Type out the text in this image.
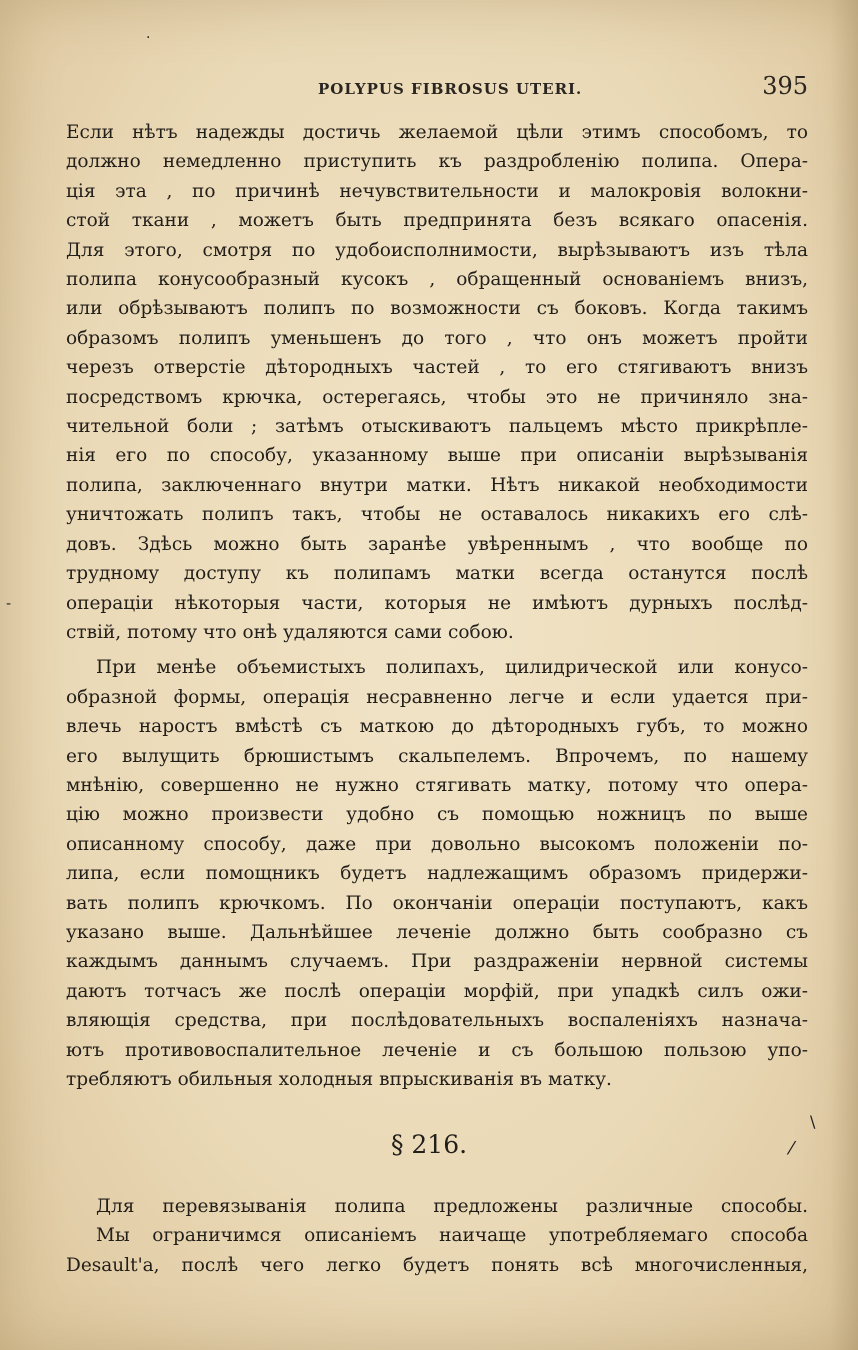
·
-
POLYPUS FIBROSUS UTERI.	395

Если нѣтъ надежды достичь желаемой цѣли этимъ способомъ, то
должно немедленно приступить къ раздробленію полипа. Опера-
ція эта , по причинѣ нечувствительности и малокровія волокни-
стой ткани , можетъ быть предпринята безъ всякаго опасенія.
Для этого, смотря по удобоисполнимости, вырѣзываютъ изъ тѣла
полипа конусообразный кусокъ , обращенный основаніемъ внизъ,
или обрѣзываютъ полипъ по возможности съ боковъ. Когда такимъ
образомъ полипъ уменьшенъ до того , что онъ можетъ пройти
черезъ отверстіе дѣтородныхъ частей , то его стягиваютъ внизъ
посредствомъ крючка, остерегаясь, чтобы это не причиняло зна-
чительной боли ; затѣмъ отыскиваютъ пальцемъ мѣсто прикрѣпле-
нія его по способу, указанному выше при описаніи вырѣзыванія
полипа, заключеннаго внутри матки. Нѣтъ никакой необходимости
уничтожать полипъ такъ, чтобы не оставалось никакихъ его слѣ-
довъ. Здѣсь можно быть заранѣе увѣреннымъ , что вообще по
трудному доступу къ полипамъ матки всегда останутся послѣ
операціи нѣкоторыя части, которыя не имѣютъ дурныхъ послѣд-
ствій, потому что онѣ удаляются сами собою.

При менѣе объемистыхъ полипахъ, цилидрической или конусо-
образной формы, операція несравненно легче и если удается при-
влечь наростъ вмѣстѣ съ маткою до дѣтородныхъ губъ, то можно
его вылущить брюшистымъ скальпелемъ. Впрочемъ, по нашему
мнѣнію, совершенно не нужно стягивать матку, потому что опера-
цію можно произвести удобно съ помощью ножницъ по выше
описанному способу, даже при довольно высокомъ положеніи по-
липа, если помощникъ будетъ надлежащимъ образомъ придержи-
вать полипъ крючкомъ. По окончаніи операціи поступаютъ, какъ
указано выше. Дальнѣйшее леченіе должно быть сообразно съ
каждымъ даннымъ случаемъ. При раздраженіи нервной системы
даютъ тотчасъ же послѣ операціи морфій, при упадкѣ силъ ожи-
вляющія средства, при послѣдовательныхъ воспаленіяхъ назнача-
ютъ противовоспалительное леченіе и съ большою пользою упо-
требляютъ обильныя холодныя впрыскиванія въ матку.

§ 216.	⁄
\

Для перевязыванія полипа предложены различные способы.
Мы ограничимся описаніемъ наичаще употребляемаго способа
Desault'а, послѣ чего легко будетъ понять всѣ многочисленныя,
